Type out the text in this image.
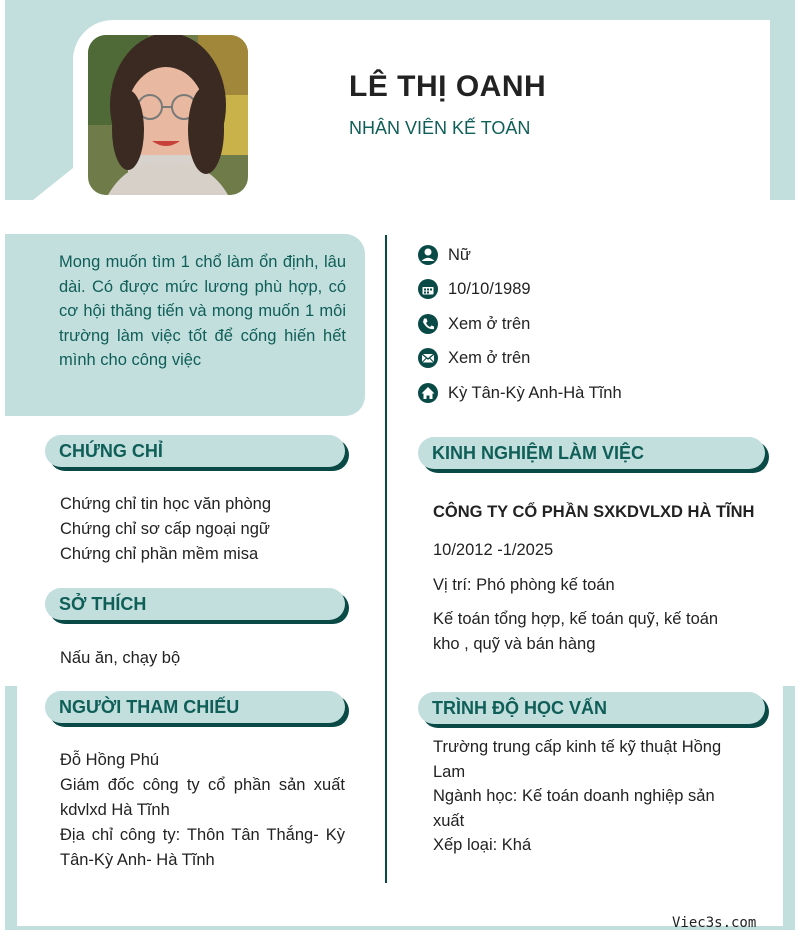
LÊ THỊ OANH
NHÂN VIÊN KẾ TOÁN
Mong muốn tìm 1 chổ làm ổn định, lâu dài. Có được mức lương phù hợp, có cơ hội thăng tiến và mong muốn 1 môi trường làm việc tốt để cống hiến hết mình cho công việc
Nữ
10/10/1989
Xem ở trên
Xem ở trên
Kỳ Tân-Kỳ Anh-Hà Tĩnh
CHỨNG CHỈ
Chứng chỉ tin học văn phòng
Chứng chỉ sơ cấp ngoại ngữ
Chứng chỉ phần mềm misa
SỞ THÍCH
Nấu ăn, chạy bộ
NGƯỜI THAM CHIẾU
Đỗ Hồng Phú
Giám đốc công ty cổ phần sản xuất kdvlxd Hà Tĩnh
Địa chỉ công ty: Thôn Tân Thắng- Kỳ Tân-Kỳ Anh- Hà Tĩnh
KINH NGHIỆM LÀM VIỆC
CÔNG TY CỔ PHẦN SXKDVLXD HÀ TĨNH
10/2012 -1/2025
Vị trí: Phó phòng kế toán
Kế toán tổng hợp, kế toán quỹ, kế toán kho , quỹ và bán hàng
TRÌNH ĐỘ HỌC VẤN
Trường trung cấp kinh tế kỹ thuật Hồng Lam
Ngành học: Kế toán doanh nghiệp sản xuất
Xếp loại: Khá
Viec3s.com
